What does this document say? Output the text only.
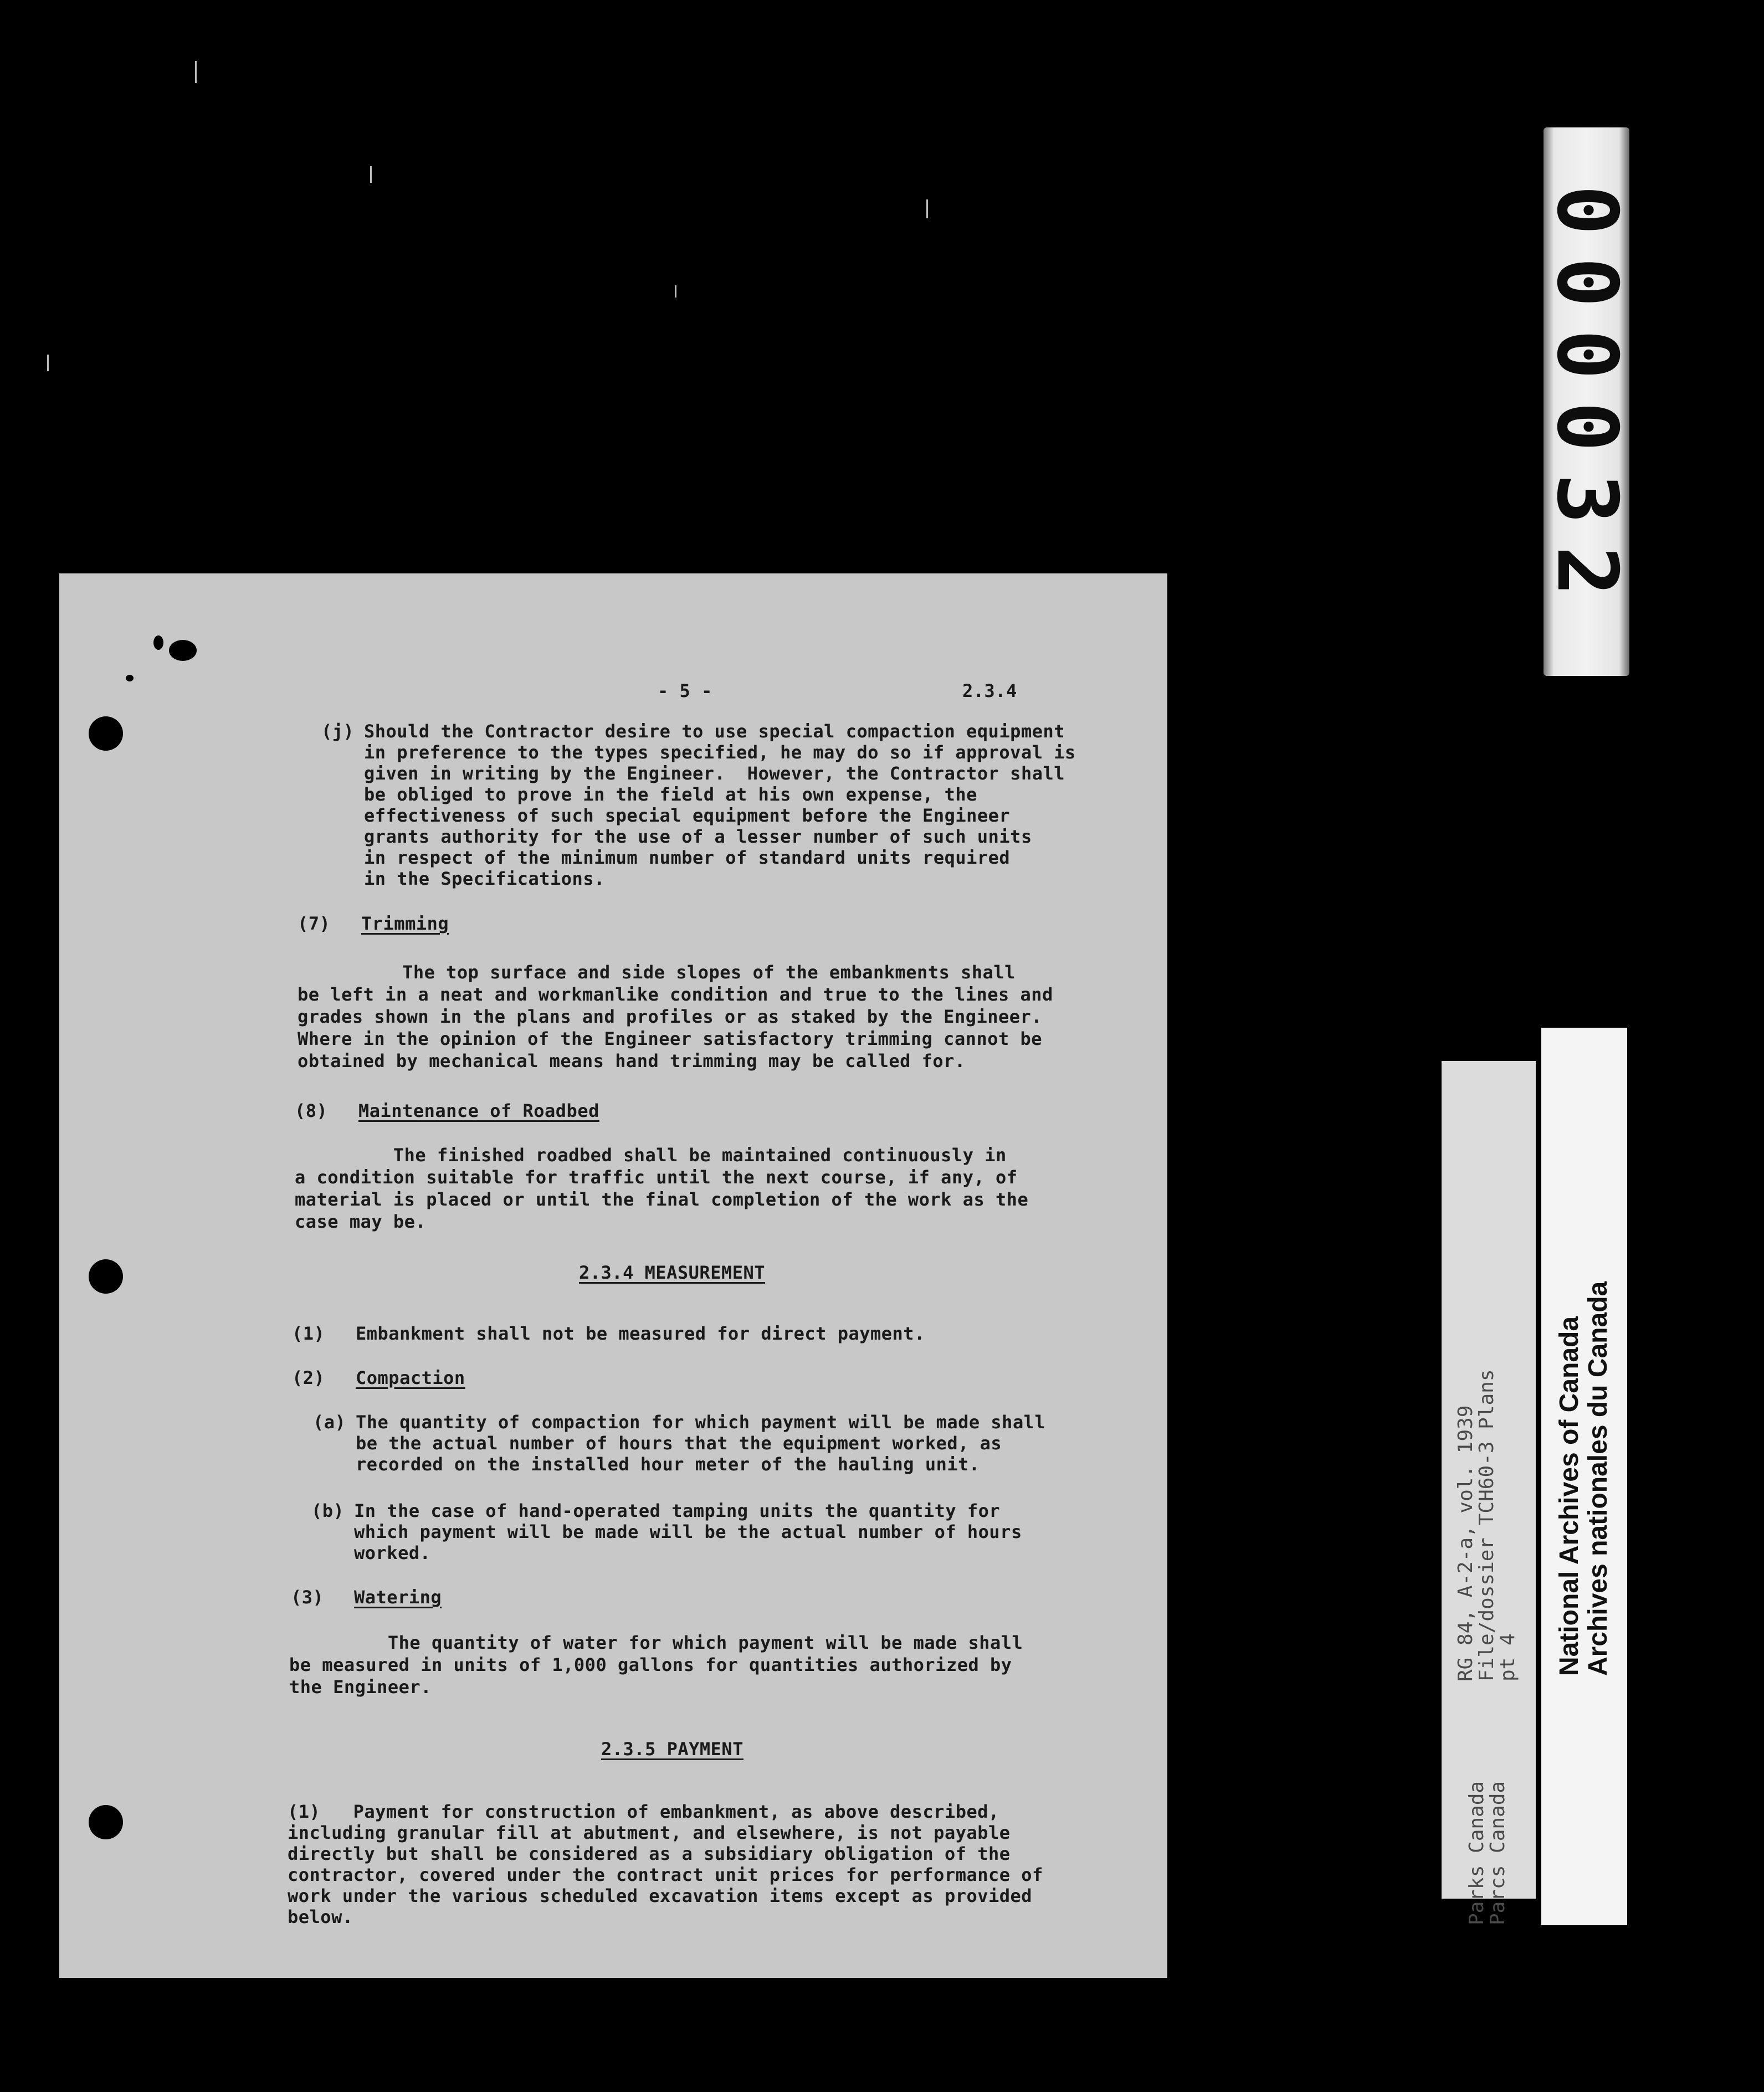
000032
RG 84, A-2-a, vol. 1939
File/dossier TCH60-3 Plans
pt 4
Parks Canada
Parcs Canada
National Archives of Canada Archives nationales du Canada
- 5 -	2.3.4
(j) Should the Contractor desire to use special compaction equipment
in preference to the types specified, he may do so if approval is
given in writing by the Engineer.  However, the Contractor shall
be obliged to prove in the field at his own expense, the
effectiveness of such special equipment before the Engineer
grants authority for the use of a lesser number of such units
in respect of the minimum number of standard units required
in the Specifications.
(7) Trimming
The top surface and side slopes of the embankments shall
be left in a neat and workmanlike condition and true to the lines and
grades shown in the plans and profiles or as staked by the Engineer.
Where in the opinion of the Engineer satisfactory trimming cannot be
obtained by mechanical means hand trimming may be called for.
(8) Maintenance of Roadbed
The finished roadbed shall be maintained continuously in
a condition suitable for traffic until the next course, if any, of
material is placed or until the final completion of the work as the
case may be.
2.3.4 MEASUREMENT
(1) Embankment shall not be measured for direct payment.
(2) Compaction
(a) The quantity of compaction for which payment will be made shall
be the actual number of hours that the equipment worked, as
recorded on the installed hour meter of the hauling unit.
(b) In the case of hand-operated tamping units the quantity for
which payment will be made will be the actual number of hours
worked.
(3) Watering
The quantity of water for which payment will be made shall
be measured in units of 1,000 gallons for quantities authorized by
the Engineer.
2.3.5 PAYMENT
(1)   Payment for construction of embankment, as above described,
including granular fill at abutment, and elsewhere, is not payable
directly but shall be considered as a subsidiary obligation of the
contractor, covered under the contract unit prices for performance of
work under the various scheduled excavation items except as provided
below.
